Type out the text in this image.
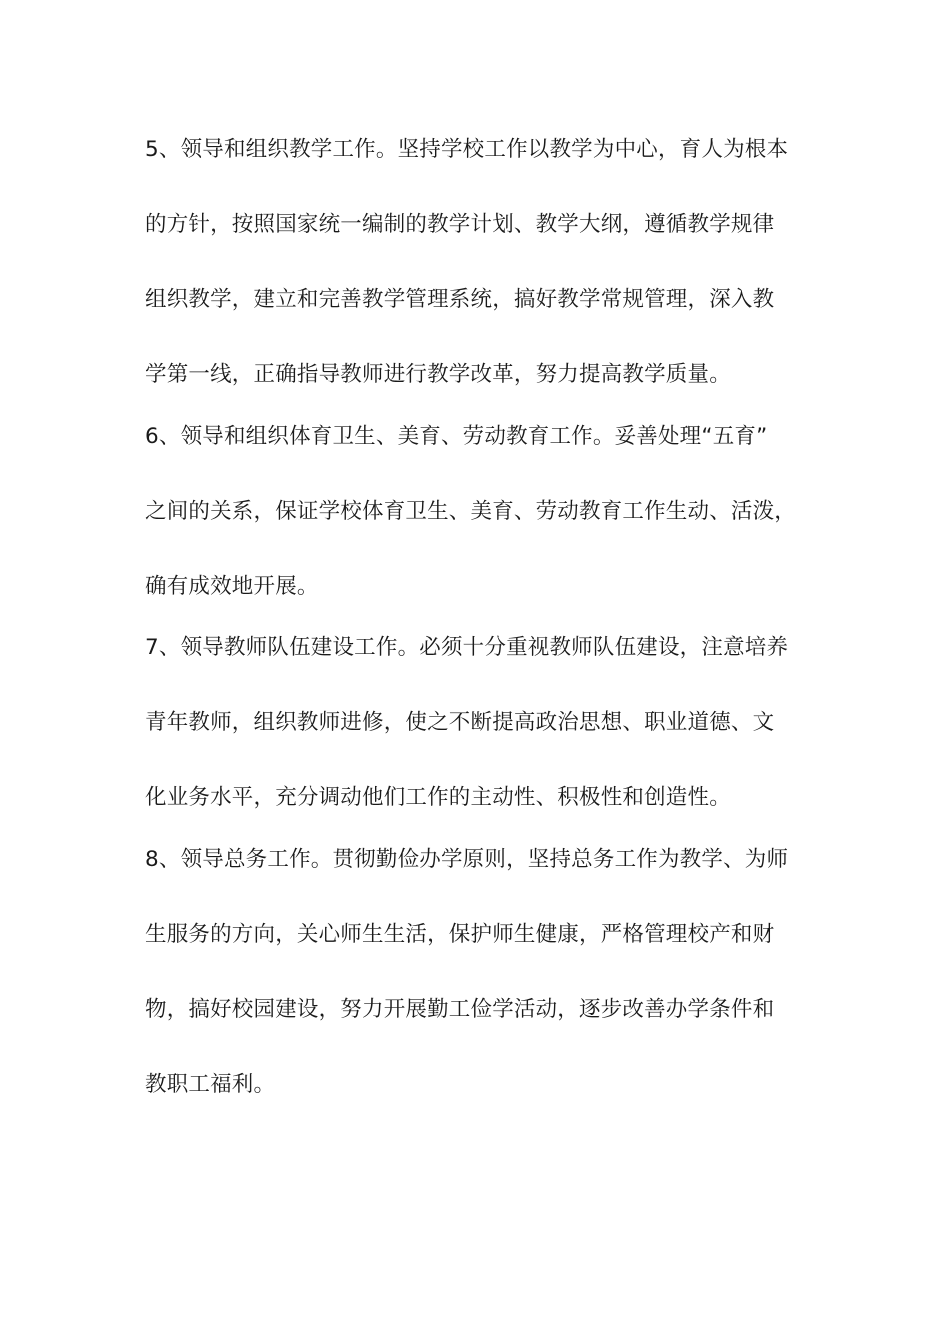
5、领导和组织教学工作。坚持学校工作以教学为中心，育人为根本
的方针，按照国家统一编制的教学计划、教学大纲，遵循教学规律
组织教学，建立和完善教学管理系统，搞好教学常规管理，深入教
学第一线，正确指导教师进行教学改革，努力提高教学质量。
6、领导和组织体育卫生、美育、劳动教育工作。妥善处理“五育”
之间的关系，保证学校体育卫生、美育、劳动教育工作生动、活泼，
确有成效地开展。
7、领导教师队伍建设工作。必须十分重视教师队伍建设，注意培养
青年教师，组织教师进修，使之不断提高政治思想、职业道德、文
化业务水平，充分调动他们工作的主动性、积极性和创造性。
8、领导总务工作。贯彻勤俭办学原则，坚持总务工作为教学、为师
生服务的方向，关心师生生活，保护师生健康，严格管理校产和财
物，搞好校园建设，努力开展勤工俭学活动，逐步改善办学条件和
教职工福利。
